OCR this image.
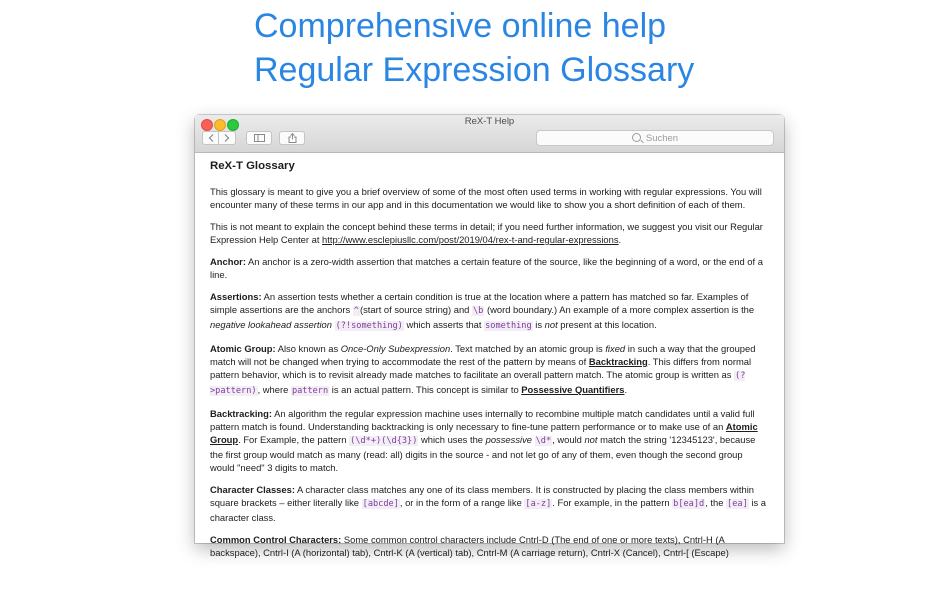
Comprehensive online help
Regular Expression Glossary
ReX-T Help
Suchen
ReX-T Glossary

This glossary is meant to give you a brief overview of some of the most often used terms in working with regular expressions. You will encounter many of these terms in our app and in this documentation we would like to show you a short definition of each of them.

This is not meant to explain the concept behind these terms in detail; if you need further information, we suggest you visit our Regular Expression Help Center at http://www.esclepiusllc.com/post/2019/04/rex-t-and-regular-expressions.

Anchor: An anchor is a zero-width assertion that matches a certain feature of the source, like the beginning of a word, or the end of a line.

Assertions: An assertion tests whether a certain condition is true at the location where a pattern has matched so far. Examples of simple assertions are the anchors ^(start of source string) and \b (word boundary.) An example of a more complex assertion is the negative lookahead assertion (?!something) which asserts that something is not present at this location.

Atomic Group: Also known as Once-Only Subexpression. Text matched by an atomic group is fixed in such a way that the grouped match will not be changed when trying to accommodate the rest of the pattern by means of Backtracking. This differs from normal pattern behavior, which is to revisit already made matches to facilitate an overall pattern match. The atomic group is written as (?>pattern), where pattern is an actual pattern. This concept is similar to Possessive Quantifiers.

Backtracking: An algorithm the regular expression machine uses internally to recombine multiple match candidates until a valid full pattern match is found. Understanding backtracking is only necessary to fine-tune pattern performance or to make use of an Atomic Group. For Example, the pattern (\d*+)(\d{3}) which uses the possessive \d*, would not match the string '12345123', because the first group would match as many (read: all) digits in the source - and not let go of any of them, even though the second group would "need" 3 digits to match.

Character Classes: A character class matches any one of its class members. It is constructed by placing the class members within square brackets – either literally like [abcde], or in the form of a range like [a-z]. For example, in the pattern b[ea]d, the [ea] is a character class.

Common Control Characters: Some common control characters include Cntrl-D (The end of one or more texts), Cntrl-H (A backspace), Cntrl-I (A (horizontal) tab), Cntrl-K (A (vertical) tab), Cntrl-M (A carriage return), Cntrl-X (Cancel), Cntrl-[ (Escape)
